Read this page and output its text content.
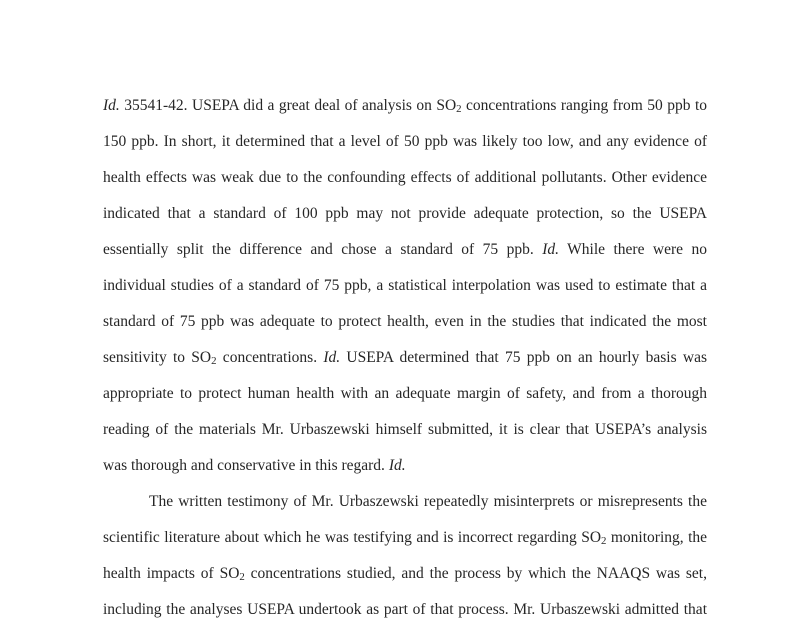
Id. 35541-42. USEPA did a great deal of analysis on $SO_2$ concentrations ranging from 50 ppb to
150 ppb. In short, it determined that a level of 50 ppb was likely too low, and any evidence of
health effects was weak due to the confounding effects of additional pollutants. Other evidence
indicated that a standard of 100 ppb may not provide adequate protection, so the USEPA
essentially split the difference and chose a standard of 75 ppb. Id. While there were no
individual studies of a standard of 75 ppb, a statistical interpolation was used to estimate that a
standard of 75 ppb was adequate to protect health, even in the studies that indicated the most
sensitivity to $SO_2$ concentrations. Id. USEPA determined that 75 ppb on an hourly basis was
appropriate to protect human health with an adequate margin of safety, and from a thorough
reading of the materials Mr. Urbaszewski himself submitted, it is clear that USEPA’s analysis
was thorough and conservative in this regard. Id.
The written testimony of Mr. Urbaszewski repeatedly misinterprets or misrepresents the
scientific literature about which he was testifying and is incorrect regarding $SO_2$ monitoring, the
health impacts of $SO_2$ concentrations studied, and the process by which the NAAQS was set,
including the analyses USEPA undertook as part of that process. Mr. Urbaszewski admitted that
